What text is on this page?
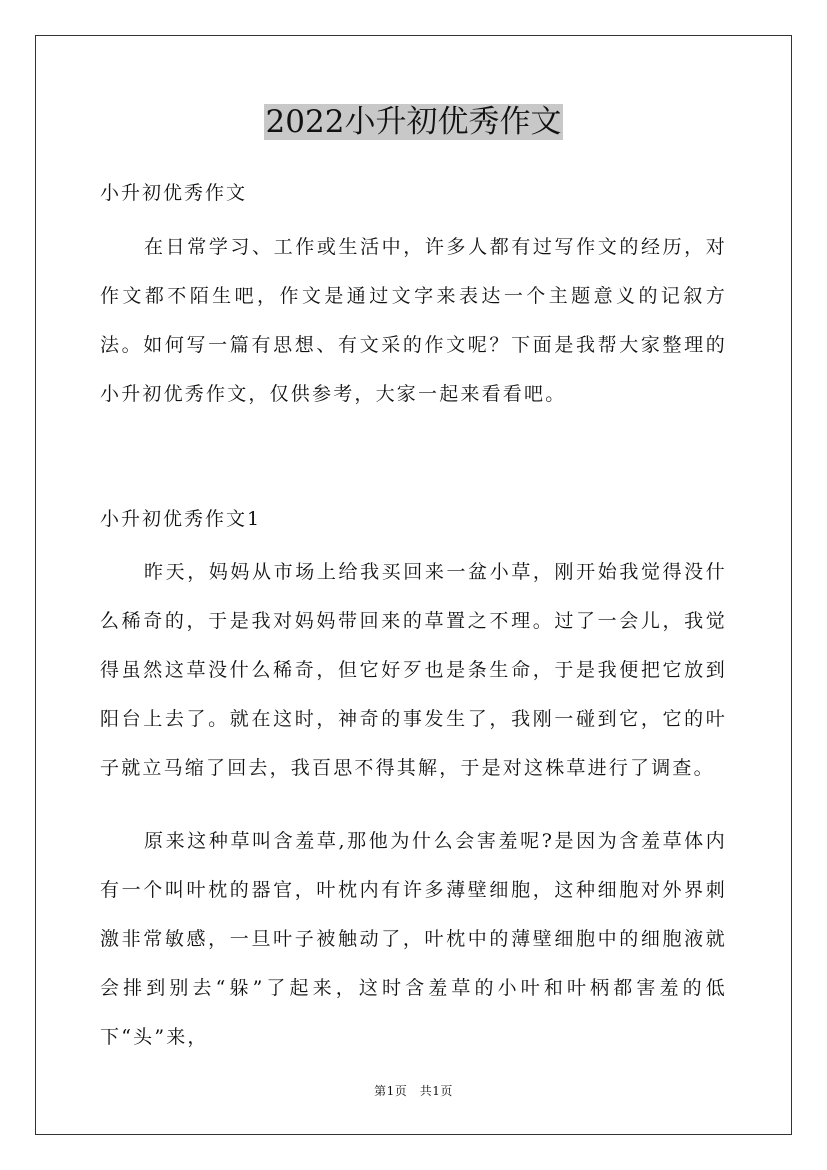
2022小升初优秀作文
小升初优秀作文

在日常学习、工作或生活中，许多人都有过写作文的经历，对作文都不陌生吧，作文是通过文字来表达一个主题意义的记叙方法。如何写一篇有思想、有文采的作文呢？下面是我帮大家整理的小升初优秀作文，仅供参考，大家一起来看看吧。

小升初优秀作文1

昨天，妈妈从市场上给我买回来一盆小草，刚开始我觉得没什么稀奇的，于是我对妈妈带回来的草置之不理。过了一会儿，我觉得虽然这草没什么稀奇，但它好歹也是条生命，于是我便把它放到阳台上去了。就在这时，神奇的事发生了，我刚一碰到它，它的叶子就立马缩了回去，我百思不得其解，于是对这株草进行了调查。

原来这种草叫含羞草,那他为什么会害羞呢?是因为含羞草体内有一个叫叶枕的器官，叶枕内有许多薄壁细胞，这种细胞对外界刺激非常敏感，一旦叶子被触动了，叶枕中的薄壁细胞中的细胞液就会排到别去“躲”了起来，这时含羞草的小叶和叶柄都害羞的低下“头”来，

第1页　共1页
